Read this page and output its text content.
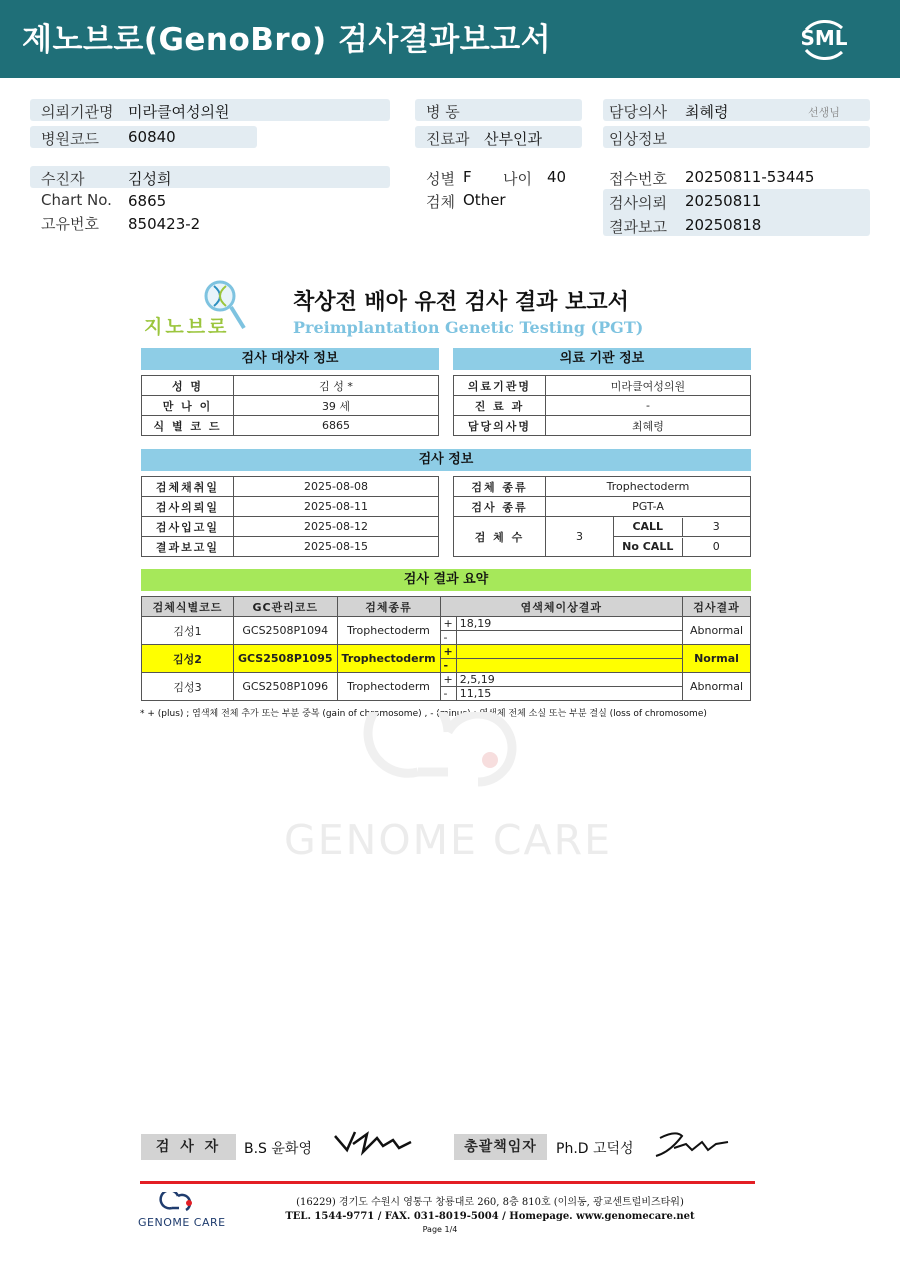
제노브로(GenoBro) 검사결과보고서	SML
의뢰기관명 미라클여성의원
병원코드 60840
수진자	김성희
Chart No. 6865
고유번호 850423-2
병 동
진료과 산부인과
성별 F 나이 40
검체 Other
담당의사 최혜령	선생님
임상정보
접수번호 20250811-53445
검사의뢰 20250811
결과보고 20250818
지노브로
착상전 배아 유전 검사 결과 보고서
Preimplantation Genetic Testing (PGT)
검사 대상자 정보	의료 기관 정보
성 명	김 성 *
만 나 이	39 세
식 별 코 드	6865
의료기관명	미라클여성의원
진 료 과	-
담당의사명	최혜령
검사 정보
검체채취일	2025-08-08
검사의뢰일	2025-08-11
검사입고일	2025-08-12
결과보고일	2025-08-15
검체 종류	Trophectoderm
검사 종류	PGT-A
검 체 수	3	
CALL	3

No CALL	0
검사 결과 요약
검체식별코드	GC관리코드	검체종류	염색체이상결과		검사결과
김성1	GCS2508P1094	Trophectoderm	+	18,19	Abnormal
			-		
김성2	GCS2508P1095	Trophectoderm	+		Normal
			-		
김성3	GCS2508P1096	Trophectoderm	+	2,5,19	Abnormal
			-	11,15	
* + (plus) ; 염색체 전체 추가 또는 부분 중복 (gain of chromosome) , - (minus) ; 염색체 전체 소실 또는 부분 결실 (loss of chromosome)
GENOME CARE
검 사 자	B.S 윤화영	총괄책임자	Ph.D 고덕성
GENOME CARE
(16229) 경기도 수원시 영통구 창룡대로 260, 8층 810호 (이의동, 광교센트럴비즈타워)
TEL. 1544-9771 / FAX. 031-8019-5004 / Homepage. www.genomecare.net
Page 1/4
